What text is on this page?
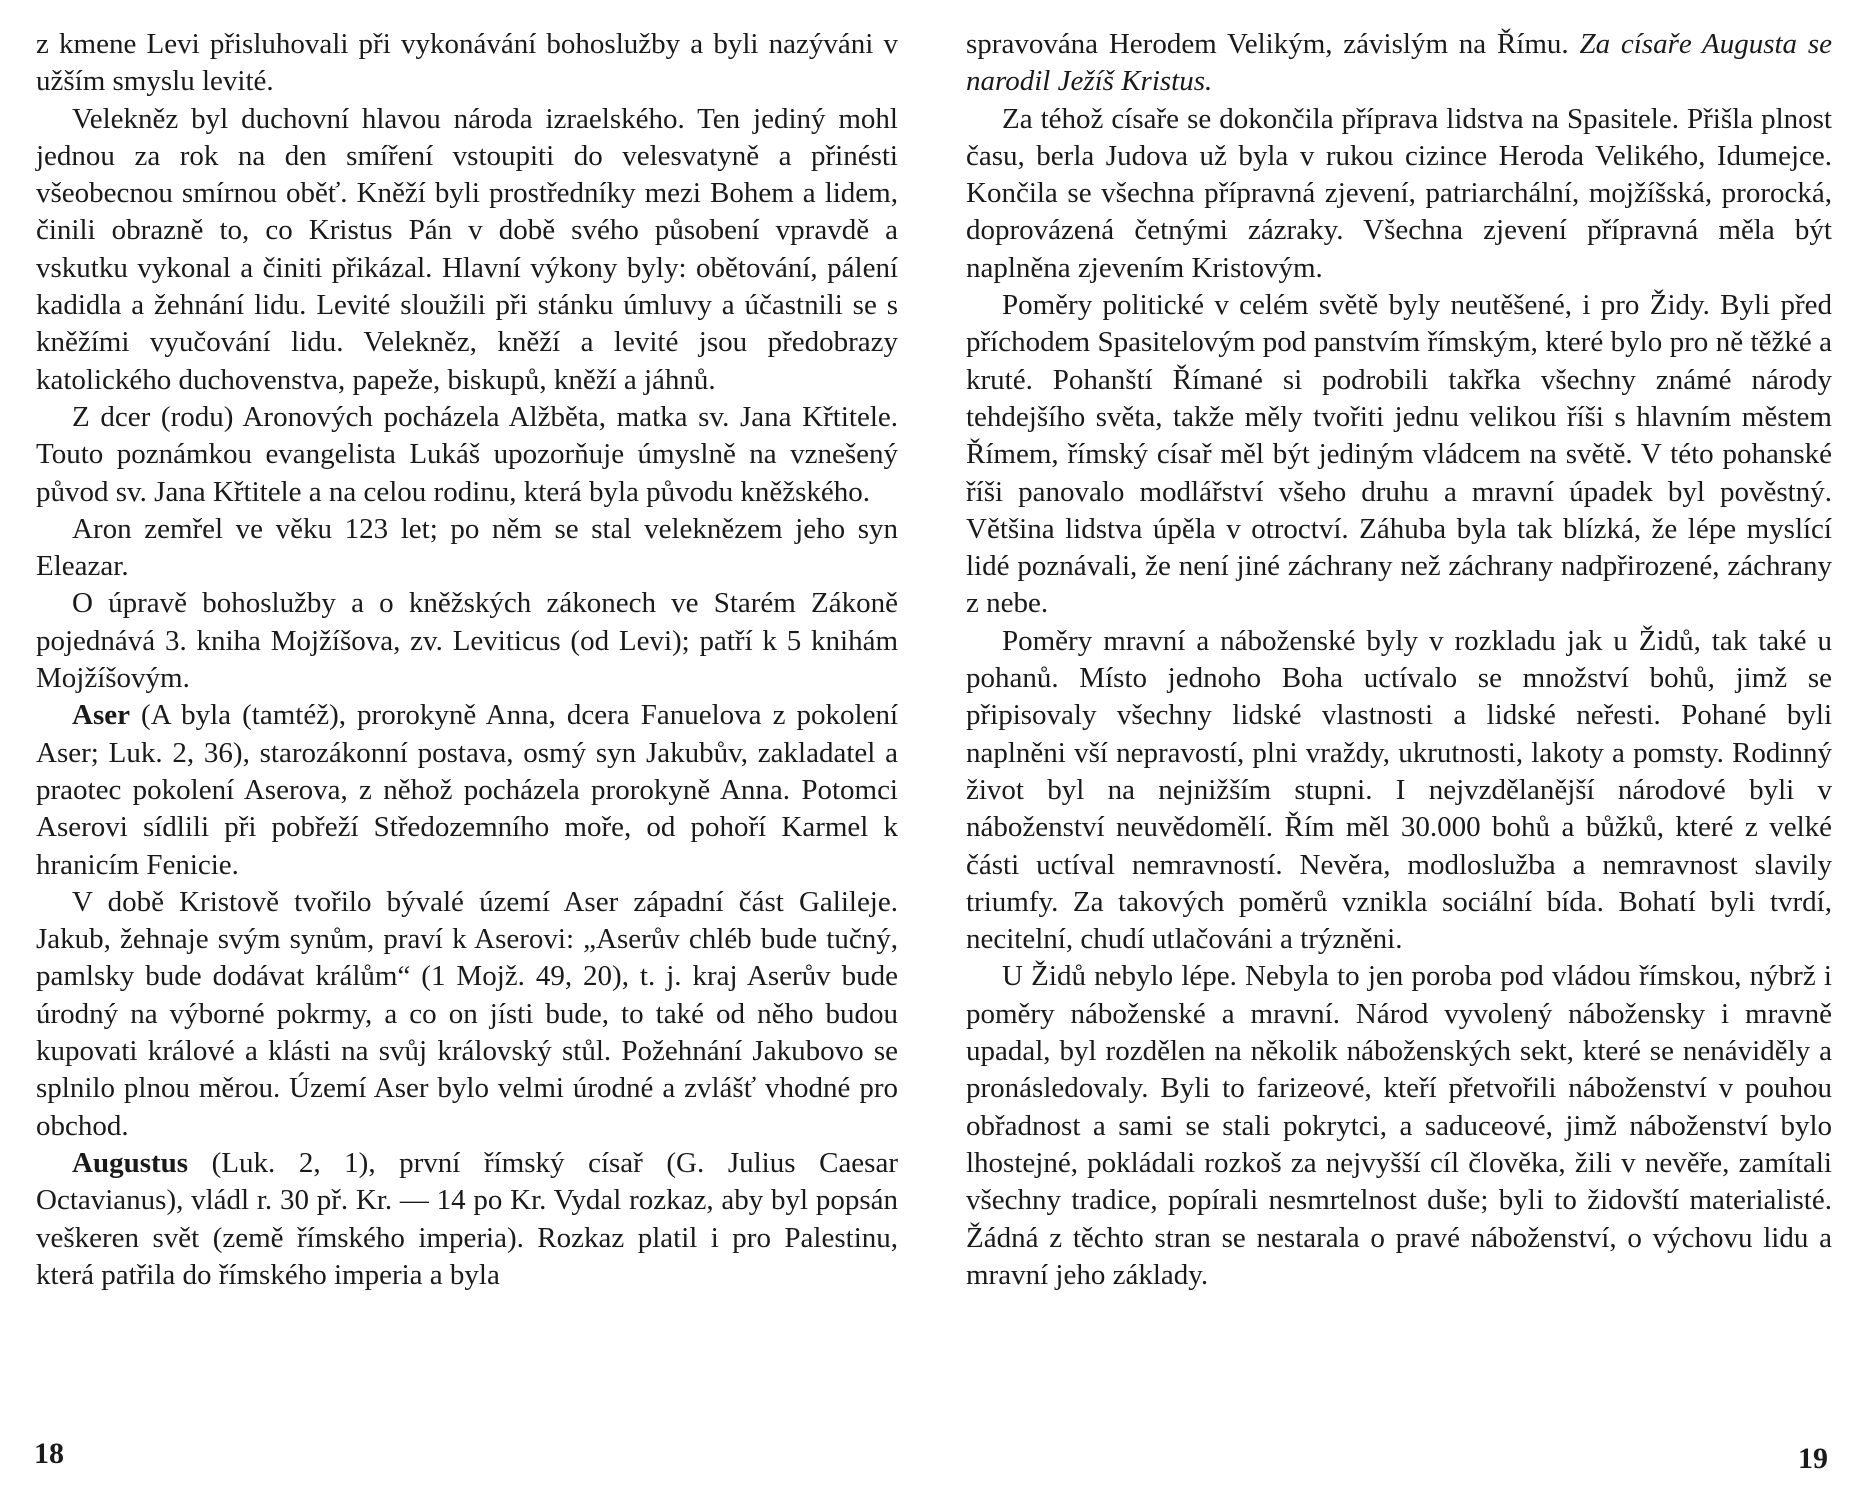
z kmene Levi přisluhovali při vykonávání bohoslužby a byli nazýváni v užším smyslu levité.

Velekněz byl duchovní hlavou národa izraelského. Ten jediný mohl jednou za rok na den smíření vstoupiti do velesvatyně a přinésti všeobecnou smírnou oběť. Kněží byli prostředníky mezi Bohem a lidem, činili obrazně to, co Kristus Pán v době svého působení vpravdě a vskutku vykonal a činiti přikázal. Hlavní výkony byly: obětování, pálení kadidla a žehnání lidu. Levité sloužili při stánku úmluvy a účastnili se s kněžími vyučování lidu. Velekněz, kněží a levité jsou předobrazy katolického duchovenstva, papeže, biskupů, kněží a jáhnů.

Z dcer (rodu) Aronových pocházela Alžběta, matka sv. Jana Křtitele. Touto poznámkou evangelista Lukáš upozorňuje úmyslně na vznešený původ sv. Jana Křtitele a na celou rodinu, která byla původu kněžského.

Aron zemřel ve věku 123 let; po něm se stal veleknězem jeho syn Eleazar.

O úpravě bohoslužby a o kněžských zákonech ve Starém Zákoně pojednává 3. kniha Mojžíšova, zv. Leviticus (od Levi); patří k 5 knihám Mojžíšovým.

Aser (A byla (tamtéž), prorokyně Anna, dcera Fanuelova z pokolení Aser; Luk. 2, 36), starozákonní postava, osmý syn Jakubův, zakladatel a praotec pokolení Aserova, z něhož pocházela prorokyně Anna. Potomci Aserovi sídlili při pobřeží Středozemního moře, od pohoří Karmel k hranicím Fenicie.

V době Kristově tvořilo bývalé území Aser západní část Galileje. Jakub, žehnaje svým synům, praví k Aserovi: „Aserův chléb bude tučný, pamlsky bude dodávat králům“ (1 Mojž. 49, 20), t. j. kraj Aserův bude úrodný na výborné pokrmy, a co on jísti bude, to také od něho budou kupovati králové a klásti na svůj královský stůl. Požehnání Jakubovo se splnilo plnou měrou. Území Aser bylo velmi úrodné a zvlášť vhodné pro obchod.

Augustus (Luk. 2, 1), první římský císař (G. Julius Caesar Octavianus), vládl r. 30 př. Kr. — 14 po Kr. Vydal rozkaz, aby byl popsán veškeren svět (země římského imperia). Rozkaz platil i pro Palestinu, která patřila do římského imperia a byla

18

spravována Herodem Velikým, závislým na Římu. Za císaře Augusta se narodil Ježíš Kristus.

Za téhož císaře se dokončila příprava lidstva na Spasitele. Přišla plnost času, berla Judova už byla v rukou cizince Heroda Velikého, Idumejce. Končila se všechna přípravná zjevení, patriarchální, mojžíšská, prorocká, doprovázená četnými zázraky. Všechna zjevení přípravná měla být naplněna zjevením Kristovým.

Poměry politické v celém světě byly neutěšené, i pro Židy. Byli před příchodem Spasitelovým pod panstvím římským, které bylo pro ně těžké a kruté. Pohanští Římané si podrobili takřka všechny známé národy tehdejšího světa, takže měly tvořiti jednu velikou říši s hlavním městem Římem, římský císař měl být jediným vládcem na světě. V této pohanské říši panovalo modlářství všeho druhu a mravní úpadek byl pověstný. Většina lidstva úpěla v otroctví. Záhuba byla tak blízká, že lépe myslící lidé poznávali, že není jiné záchrany než záchrany nadpřirozené, záchrany z nebe.

Poměry mravní a náboženské byly v rozkladu jak u Židů, tak také u pohanů. Místo jednoho Boha uctívalo se množství bohů, jimž se připisovaly všechny lidské vlastnosti a lidské neřesti. Pohané byli naplněni vší nepravostí, plni vraždy, ukrutnosti, lakoty a pomsty. Rodinný život byl na nejnižším stupni. I nejvzdělanější národové byli v náboženství neuvědomělí. Řím měl 30.000 bohů a bůžků, které z velké části uctíval nemravností. Nevěra, modloslužba a nemravnost slavily triumfy. Za takových poměrů vznikla sociální bída. Bohatí byli tvrdí, necitelní, chudí utlačováni a trýzněni.

U Židů nebylo lépe. Nebyla to jen poroba pod vládou římskou, nýbrž i poměry náboženské a mravní. Národ vyvolený nábožensky i mravně upadal, byl rozdělen na několik náboženských sekt, které se nenáviděly a pronásledovaly. Byli to farizeové, kteří přetvořili náboženství v pouhou obřadnost a sami se stali pokrytci, a saduceové, jimž náboženství bylo lhostejné, pokládali rozkoš za nejvyšší cíl člověka, žili v nevěře, zamítali všechny tradice, popírali nesmrtelnost duše; byli to židovští materialisté. Žádná z těchto stran se nestarala o pravé náboženství, o výchovu lidu a mravní jeho základy.

19
